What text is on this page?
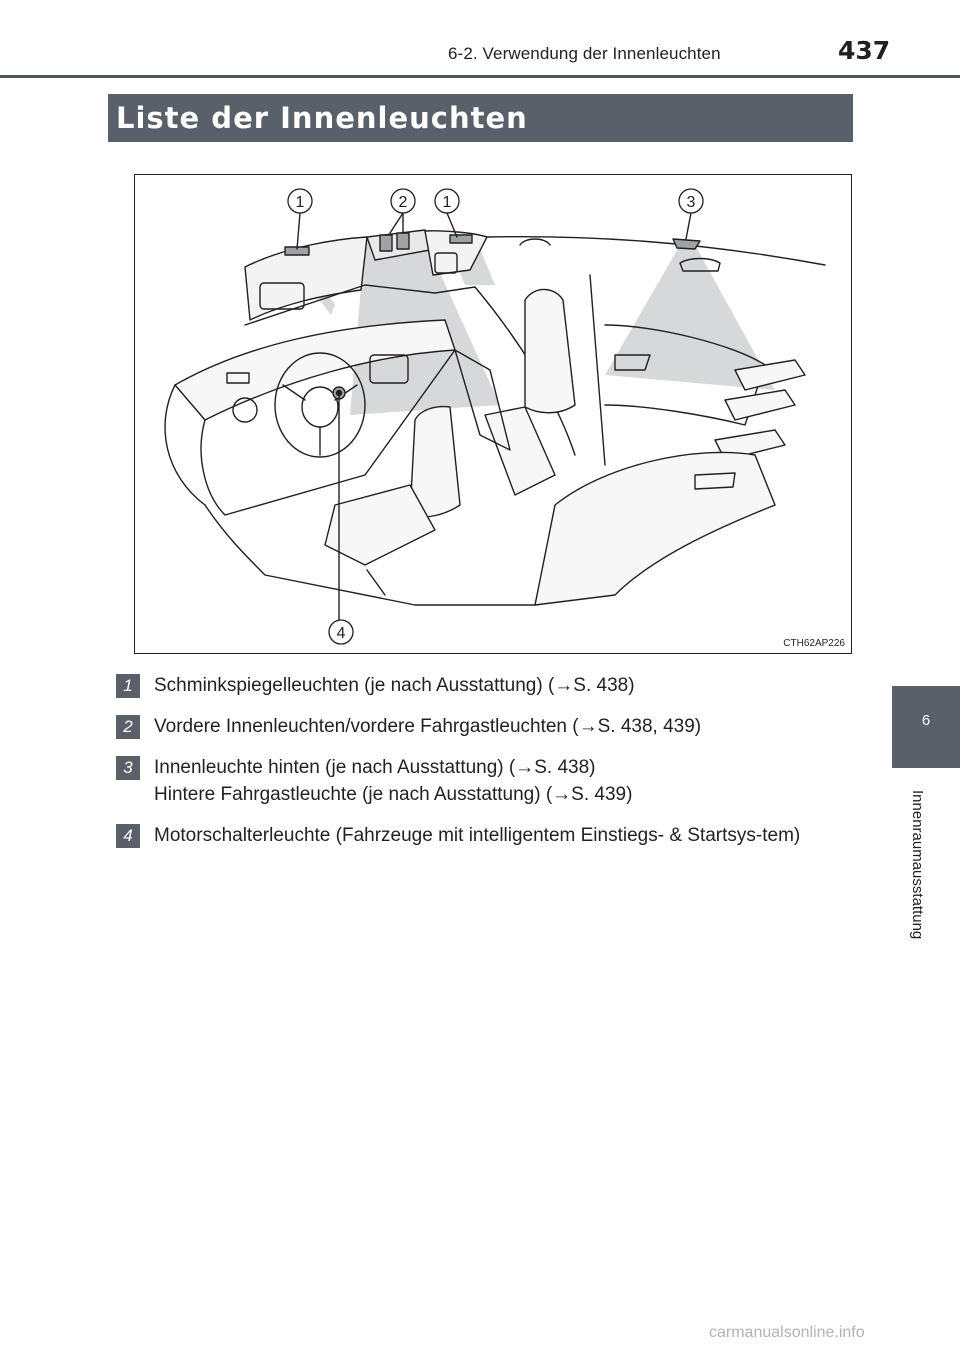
6-2. Verwendung der Innenleuchten	437
Liste der Innenleuchten
6
Innenraumausstattung
1	2 1	3
4
CTH62AP226
1	Schminkspiegelleuchten (je nach Ausstattung) (→S. 438)
2	Vordere Innenleuchten/vordere Fahrgastleuchten (→S. 438, 439)
3	Innenleuchte hinten (je nach Ausstattung) (→S. 438)
Hintere Fahrgastleuchte (je nach Ausstattung) (→S. 439)
4	Motorschalterleuchte (Fahrzeuge mit intelligentem Einstiegs- & Startsys-tem)
carmanualsonline.info
